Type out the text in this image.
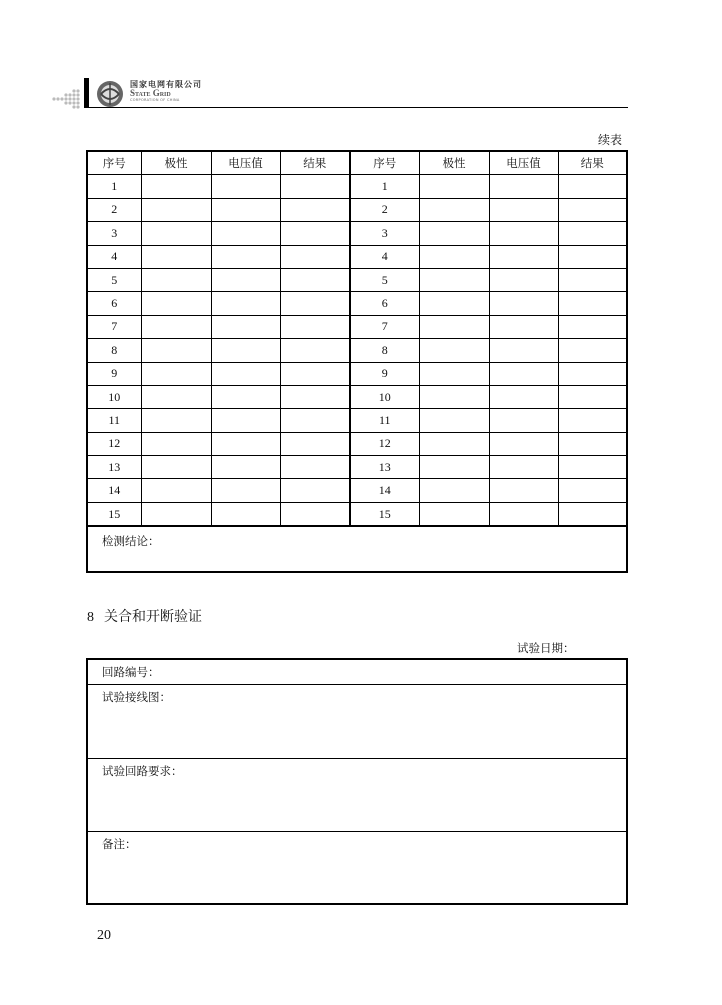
国家电网有限公司
State Grid
CORPORATION OF CHINA
续表
序号	极性	电压值	结果	序号	极性	电压值	结果
1				1			
2				2			
3				3			
4				4			
5				5			
6				6			
7				7			
8				8			
9				9			
10				10			
11				11			
12				12			
13				13			
14				14			
15				15			
检测结论：
8 关合和开断验证
试验日期：
回路编号：
试验接线图：
试验回路要求：
备注：
20
